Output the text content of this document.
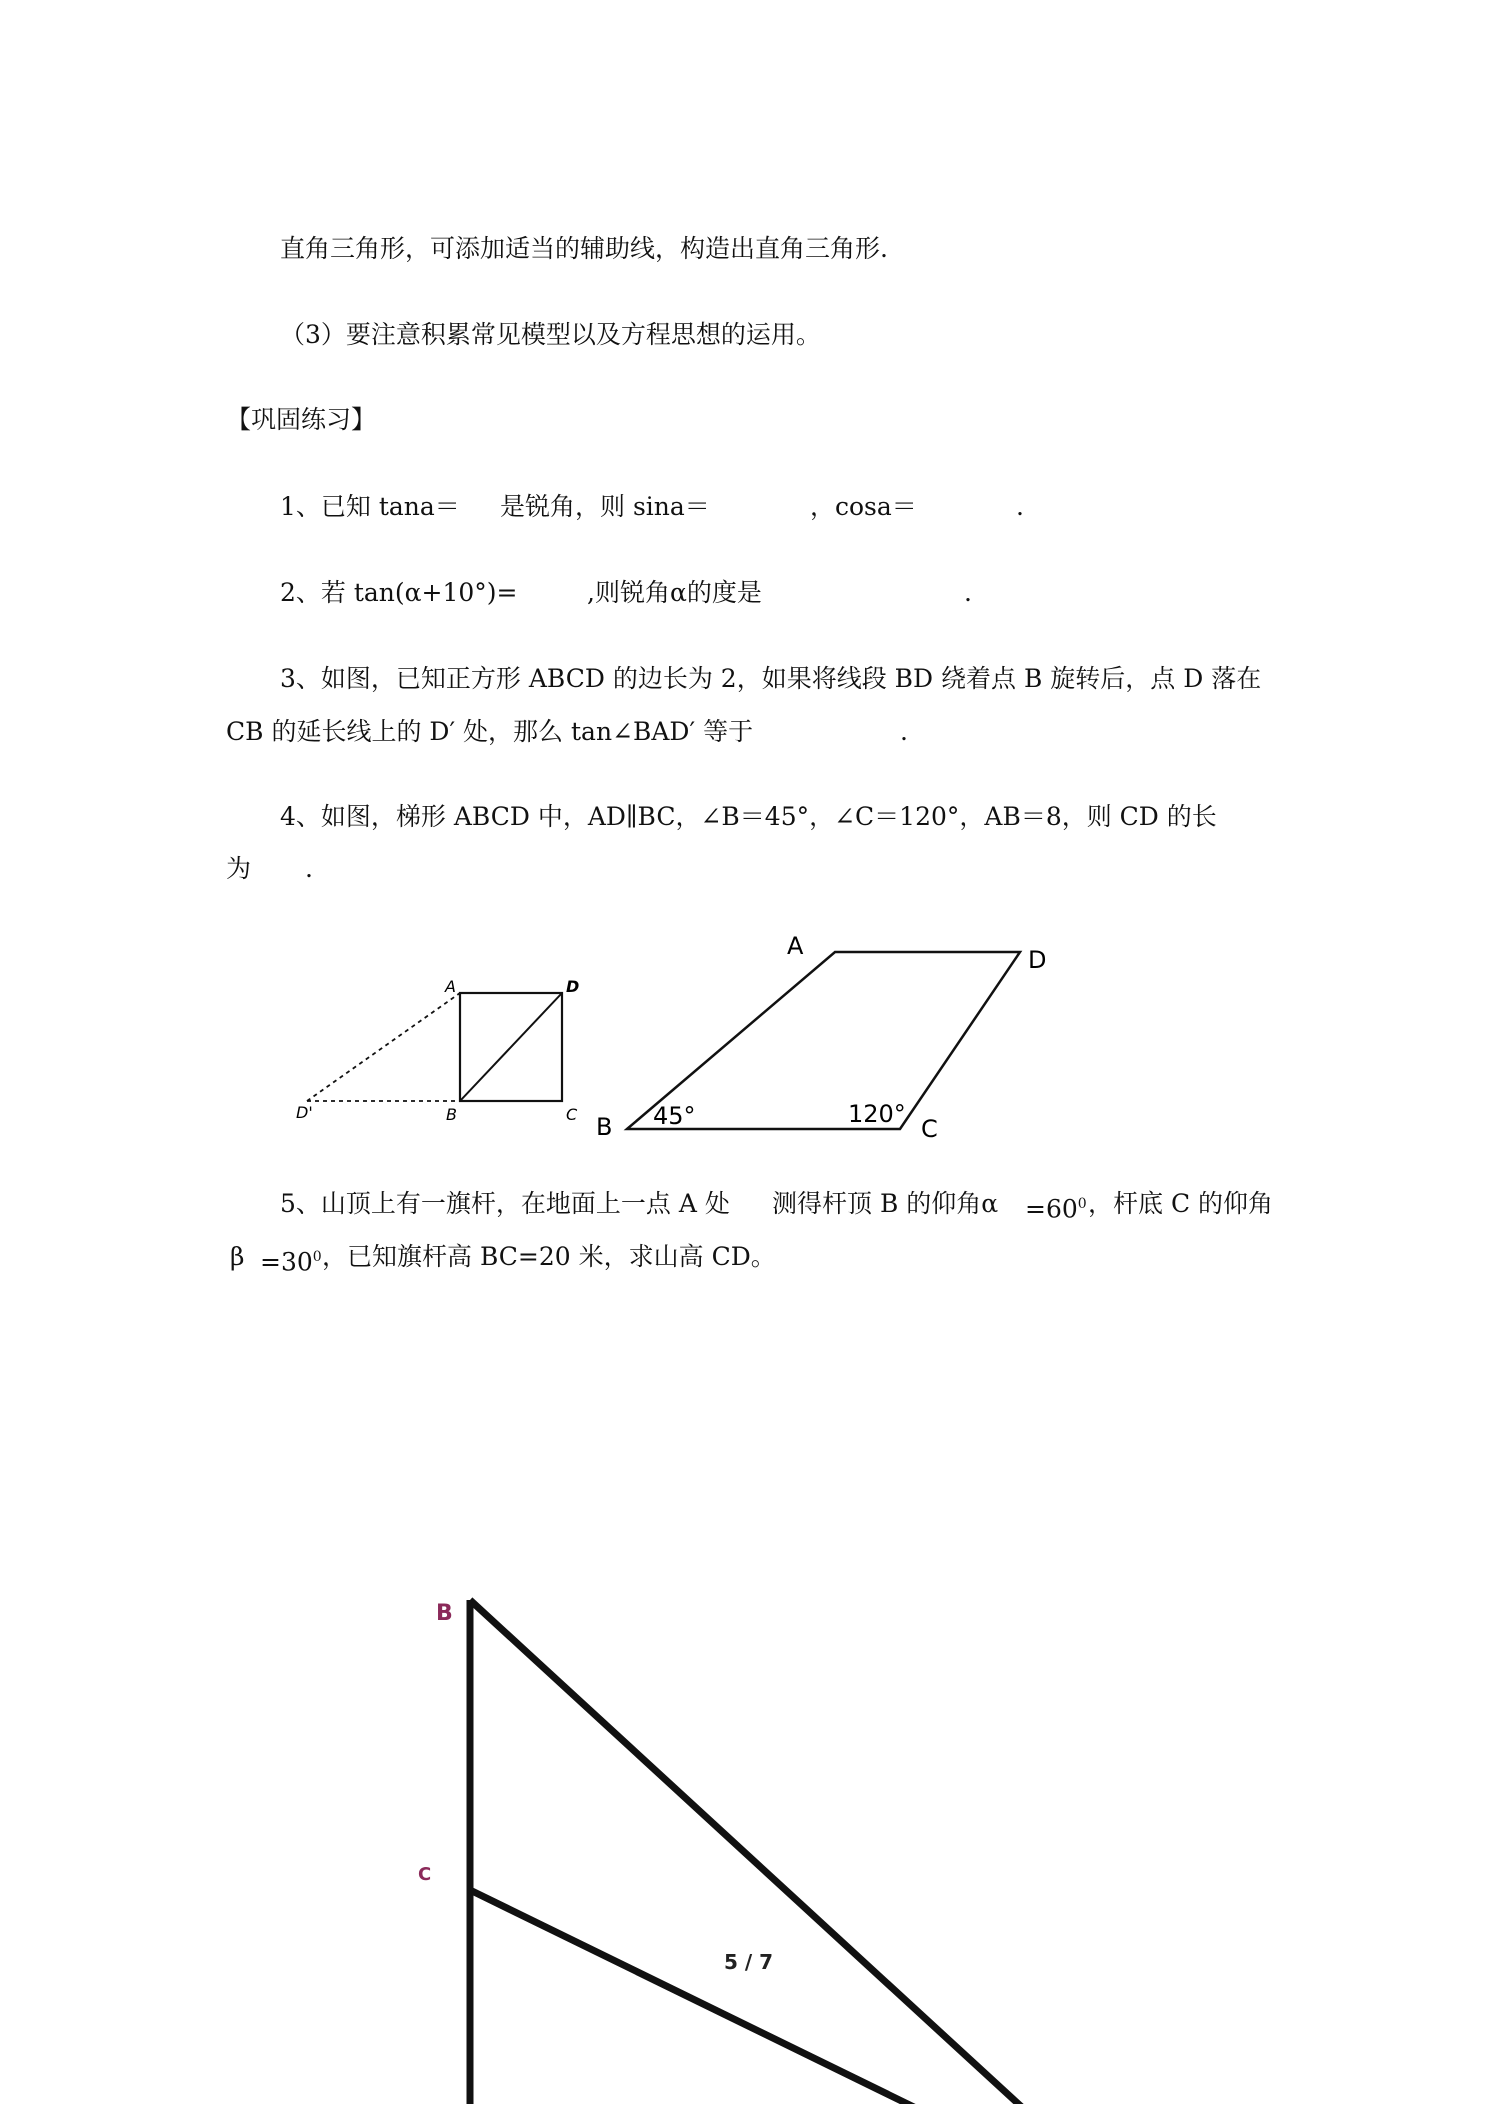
直角三角形，可添加适当的辅助线，构造出直角三角形.
（3）要注意积累常见模型以及方程思想的运用。
【巩固练习】
1、已知 tana＝ 是锐角，则 sina＝	，cosa＝	.
2、若 tan(α+10°)=	,则锐角α的度是	.
3、如图，已知正方形 ABCD 的边长为 2，如果将线段 BD 绕着点 B 旋转后，点 D 落在
CB 的延长线上的 D′ 处，那么 tan∠BAD′ 等于	.
4、如图，梯形 ABCD 中，AD∥BC，∠B＝45°，∠C＝120°，AB＝8，则 CD 的长
为 .
A	D
B	C
D'
A	D
B	C
45°	120°
5、山顶上有一旗杆，在地面上一点 A 处 测得杆顶 B 的仰角$\alpha =60^0$ ，杆底 C 的仰角
$\beta =30^0$ ，已知旗杆高 BC=20 米，求山高 CD。
B
C
5 / 7
